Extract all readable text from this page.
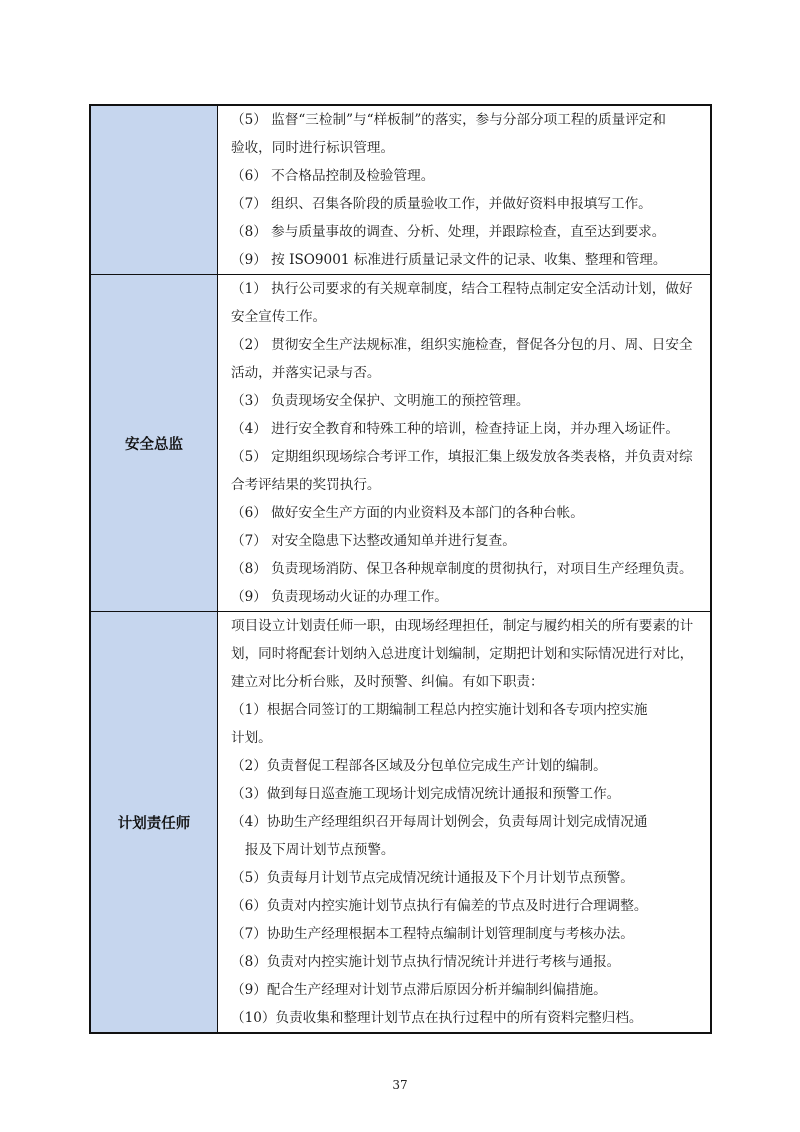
（5） 监督“三检制”与“样板制”的落实，参与分部分项工程的质量评定和
验收，同时进行标识管理。
（6） 不合格品控制及检验管理。
（7） 组织、召集各阶段的质量验收工作，并做好资料申报填写工作。
（8） 参与质量事故的调查、分析、处理，并跟踪检查，直至达到要求。
（9） 按 ISO9001 标准进行质量记录文件的记录、收集、整理和管理。
安全总监
（1） 执行公司要求的有关规章制度，结合工程特点制定安全活动计划，做好
安全宣传工作。
（2） 贯彻安全生产法规标准，组织实施检查，督促各分包的月、周、日安全
活动，并落实记录与否。
（3） 负责现场安全保护、文明施工的预控管理。
（4） 进行安全教育和特殊工种的培训，检查持证上岗，并办理入场证件。
（5） 定期组织现场综合考评工作，填报汇集上级发放各类表格，并负责对综
合考评结果的奖罚执行。
（6） 做好安全生产方面的内业资料及本部门的各种台帐。
（7） 对安全隐患下达整改通知单并进行复查。
（8） 负责现场消防、保卫各种规章制度的贯彻执行，对项目生产经理负责。
（9） 负责现场动火证的办理工作。
计划责任师
项目设立计划责任师一职，由现场经理担任，制定与履约相关的所有要素的计
划，同时将配套计划纳入总进度计划编制，定期把计划和实际情况进行对比，
建立对比分析台账，及时预警、纠偏。有如下职责：
（1）根据合同签订的工期编制工程总内控实施计划和各专项内控实施
计划。
（2）负责督促工程部各区域及分包单位完成生产计划的编制。
（3）做到每日巡查施工现场计划完成情况统计通报和预警工作。
（4）协助生产经理组织召开每周计划例会，负责每周计划完成情况通
报及下周计划节点预警。
（5）负责每月计划节点完成情况统计通报及下个月计划节点预警。
（6）负责对内控实施计划节点执行有偏差的节点及时进行合理调整。
（7）协助生产经理根据本工程特点编制计划管理制度与考核办法。
（8）负责对内控实施计划节点执行情况统计并进行考核与通报。
（9）配合生产经理对计划节点滞后原因分析并编制纠偏措施。
（10）负责收集和整理计划节点在执行过程中的所有资料完整归档。
37
